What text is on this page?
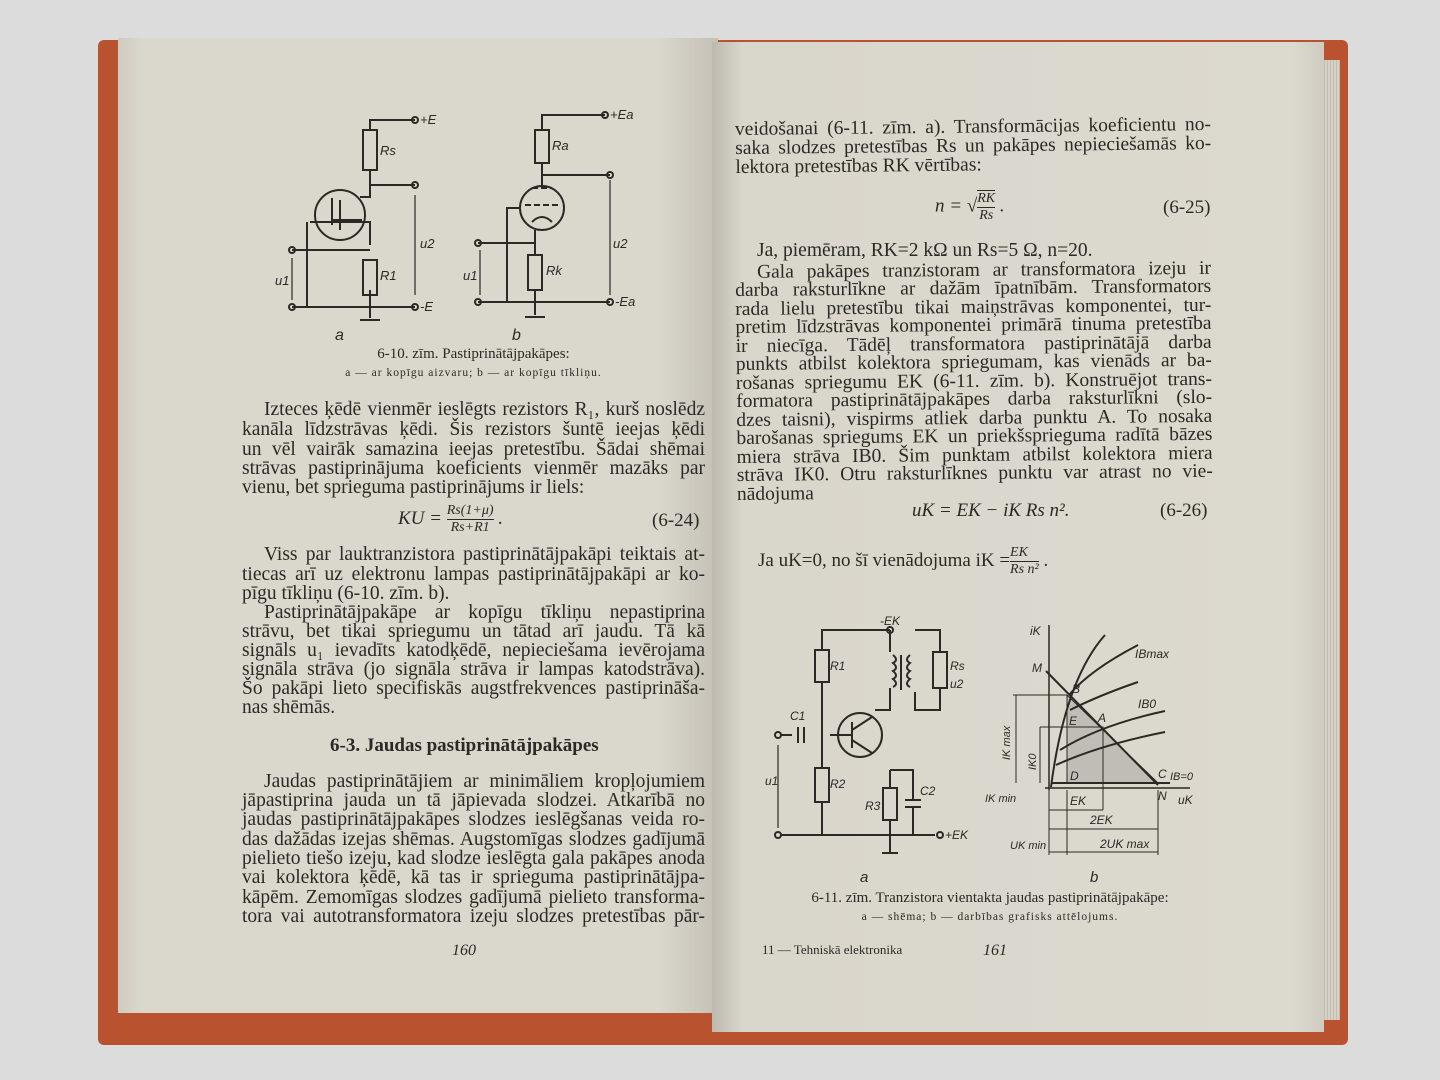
+E
Rs
R1
u1
u2
-E
a
+Ea
Ra
Rk
u1
u2
-Ea
b
6-10. zīm. Pastiprinātājpakāpes:
a — ar kopīgu aizvaru; b — ar kopīgu tīkliņu.
Izteces ķēdē vienmēr ieslēgts rezistors R₁, kurš noslēdz
kanāla līdzstrāvas ķēdi. Šis rezistors šuntē ieejas ķēdi
un vēl vairāk samazina ieejas pretestību. Šādai shēmai
strāvas pastiprinājuma koeficients vienmēr mazāks par
vienu, bet sprieguma pastiprinājums ir liels:
KU = $\frac{Rs(1+\mu)}{Rs+R1}$ .	(6-24)
Viss par lauktranzistora pastiprinātājpakāpi teiktais at-
tiecas arī uz elektronu lampas pastiprinātājpakāpi ar ko-
pīgu tīkliņu (6-10. zīm. b).
Pastiprinātājpakāpe ar kopīgu tīkliņu nepastiprina
strāvu, bet tikai spriegumu un tātad arī jaudu. Tā kā
signāls u₁ ievadīts katodķēdē, nepieciešama ievērojama
signāla strāva (jo signāla strāva ir lampas katodstrāva).
Šo pakāpi lieto specifiskās augstfrekvences pastiprināša-
nas shēmās.
6-3. Jaudas pastiprinātājpakāpes
Jaudas pastiprinātājiem ar minimāliem kropļojumiem
jāpastiprina jauda un tā jāpievada slodzei. Atkarībā no
jaudas pastiprinātājpakāpes slodzes ieslēgšanas veida ro-
das dažādas izejas shēmas. Augstomīgas slodzes gadījumā
pielieto tiešo izeju, kad slodze ieslēgta gala pakāpes anoda
vai kolektora ķēdē, kā tas ir sprieguma pastiprinātājpa-
kāpēm. Zemomīgas slodzes gadījumā pielieto transforma-
tora vai autotransformatora izeju slodzes pretestības pār-
160
veidošanai (6-11. zīm. a). Transformācijas koeficientu no-
saka slodzes pretestības Rs un pakāpes nepieciešamās ko-
lektora pretestības RK vērtības:
n = √ $\frac{RK}{Rs}$ .	(6-25)
Ja, piemēram, RK=2 kΩ un Rs=5 Ω, n=20.
Gala pakāpes tranzistoram ar transformatora izeju ir
darba raksturlīkne ar dažām īpatnībām. Transformators
rada lielu pretestību tikai maiņstrāvas komponentei, tur-
pretim līdzstrāvas komponentei primārā tinuma pretestība
ir niecīga. Tādēļ transformatora pastiprinātājā darba
punkts atbilst kolektora spriegumam, kas vienāds ar ba-
rošanas spriegumu EK (6-11. zīm. b). Konstruējot trans-
formatora pastiprinātājpakāpes darba raksturlīkni (slo-
dzes taisni), vispirms atliek darba punktu A. To nosaka
barošanas spriegums EK un priekšsprieguma radītā bāzes
miera strāva IB0. Šim punktam atbilst kolektora miera
strāva IK0. Otru raksturlīknes punktu var atrast no vie-
nādojuma
uK = EK − iK Rs n².	(6-26)
Ja uK=0, no šī vienādojuma iK = $\frac{EK}{\text{Rs n²}}$ .
-EK
R1	Rs
u2
C1
u1	R2
R3
C2
+EK
a
iK
IBmax
M
B
IB0
E A
IK max
IK0
D	C IB=0
IK min	N uK
EK
2EK
UK min	2UK max
b
6-11. zīm. Tranzistora vientakta jaudas pastiprinātājpakāpe:
a — shēma; b — darbības grafisks attēlojums.
11 — Tehniskā elektronika	161
